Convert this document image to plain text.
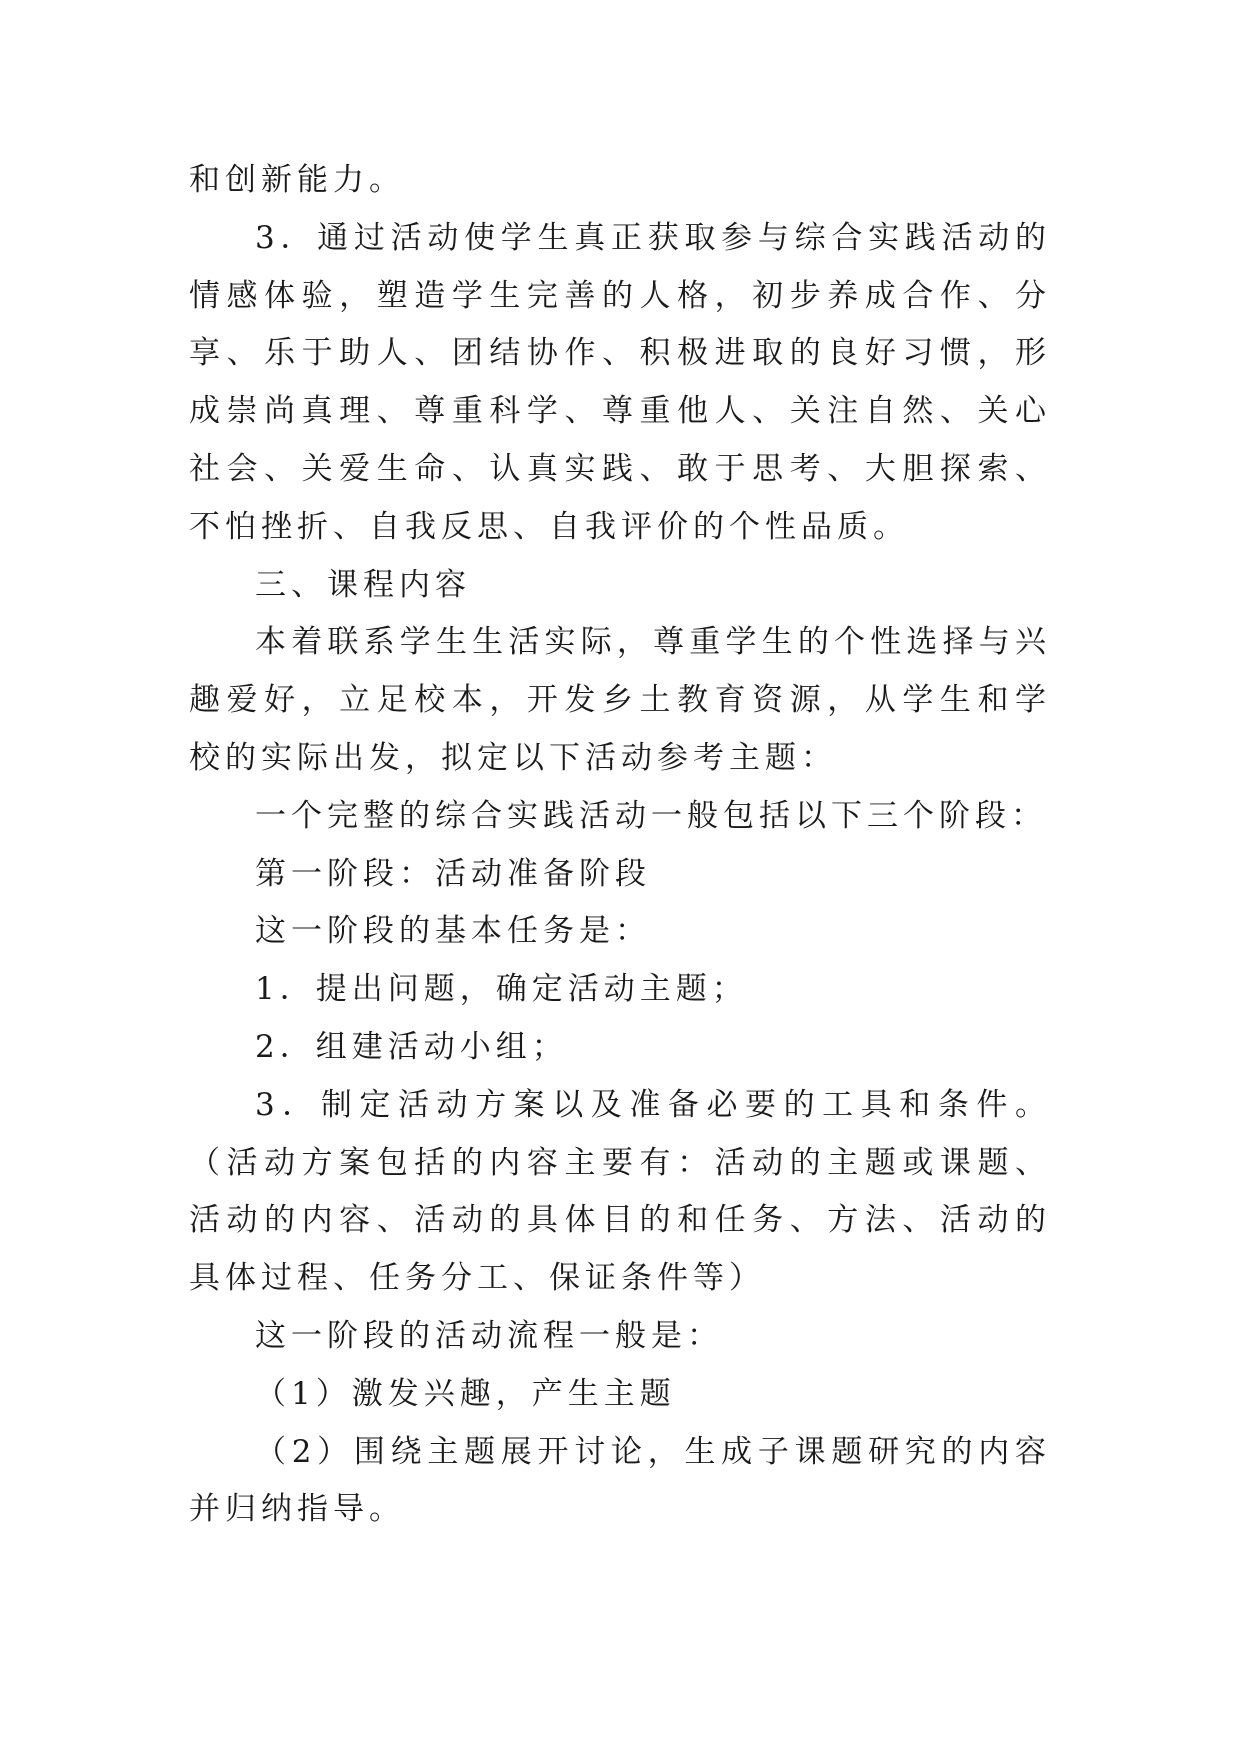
和创新能力。

3．通过活动使学生真正获取参与综合实践活动的情感体验，塑造学生完善的人格，初步养成合作、分享、乐于助人、团结协作、积极进取的良好习惯，形成崇尚真理、尊重科学、尊重他人、关注自然、关心社会、关爱生命、认真实践、敢于思考、大胆探索、不怕挫折、自我反思、自我评价的个性品质。

三、课程内容

本着联系学生生活实际，尊重学生的个性选择与兴趣爱好，立足校本，开发乡土教育资源，从学生和学校的实际出发，拟定以下活动参考主题：

一个完整的综合实践活动一般包括以下三个阶段：

第一阶段：活动准备阶段

这一阶段的基本任务是：

1．提出问题，确定活动主题；

2．组建活动小组；

3．制定活动方案以及准备必要的工具和条件。（活动方案包括的内容主要有：活动的主题或课题、活动的内容、活动的具体目的和任务、方法、活动的具体过程、任务分工、保证条件等）

这一阶段的活动流程一般是：

（1）激发兴趣，产生主题

（2）围绕主题展开讨论，生成子课题研究的内容并归纳指导。
